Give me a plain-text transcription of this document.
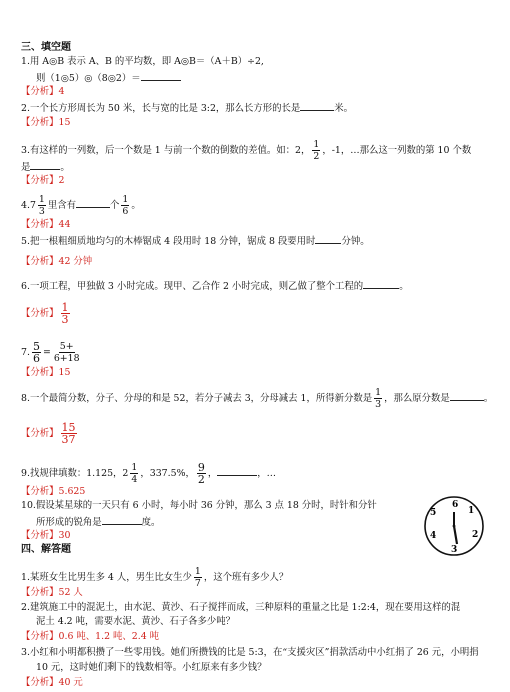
三、填空题
1.用 A◎B 表示 A、B 的平均数，即 A◎B＝（A＋B）÷2,
则（1◎5）◎（8◎2）＝
【分析】4
2.一个长方形周长为 50 米，长与宽的比是 3:2，那么长方形的长是	米。
【分析】15
3.有这样的一列数，后一个数是 1 与前一个数的倒数的差值。如：2， $\frac{1}{2}$ ，-1，…那么这一列数的第 10 个数
是	。
【分析】2
$4.7 \frac{1}{3}$ 里含有	个 $\frac{1}{6}$ 。
【分析】44
5.把一根粗细质地均匀的木棒锯成 4 段用时 18 分钟，锯成 8 段要用时	分钟。
【分析】42 分钟
6.一项工程，甲独做 3 小时完成。现甲、乙合作 2 小时完成，则乙做了整个工程的	。
【分析】 $\frac{1}{3}$
7. $\frac{5}{6} = \frac{5+}{6+18}$
【分析】15
8.一个最简分数，分子、分母的和是 52，若分子减去 3，分母减去 1，所得新分数是 $\frac{1}{3}$ ，那么原分数是	。
【分析】 $\frac{15}{37}$
9.找规律填数：1.125，$2 \frac{1}{4}$ ，337.5%， $\frac{9}{2}$ ，	，…
【分析】5.625
10.假设某星球的一天只有 6 小时，每小时 36 分钟，那么 3 点 18 分时，时针和分针
所形成的锐角是	度。
【分析】30
6
1
2
3
4
5
四、解答题
1.某班女生比男生多 4 人，男生比女生少 $\frac{1}{7}$ ，这个班有多少人？
【分析】52 人
2.建筑施工中的混泥土，由水泥、黄沙、石子搅拌而成，三种原料的重量之比是 1:2:4，现在要用这样的混
泥土 4.2 吨，需要水泥、黄沙、石子各多少吨？
【分析】0.6 吨、1.2 吨、2.4 吨
3.小红和小明都积攒了一些零用钱。她们所攒钱的比是 5:3，在“支援灾区”捐款活动中小红捐了 26 元，小明捐
10 元，这时她们剩下的钱数相等。小红原来有多少钱？
【分析】40 元
